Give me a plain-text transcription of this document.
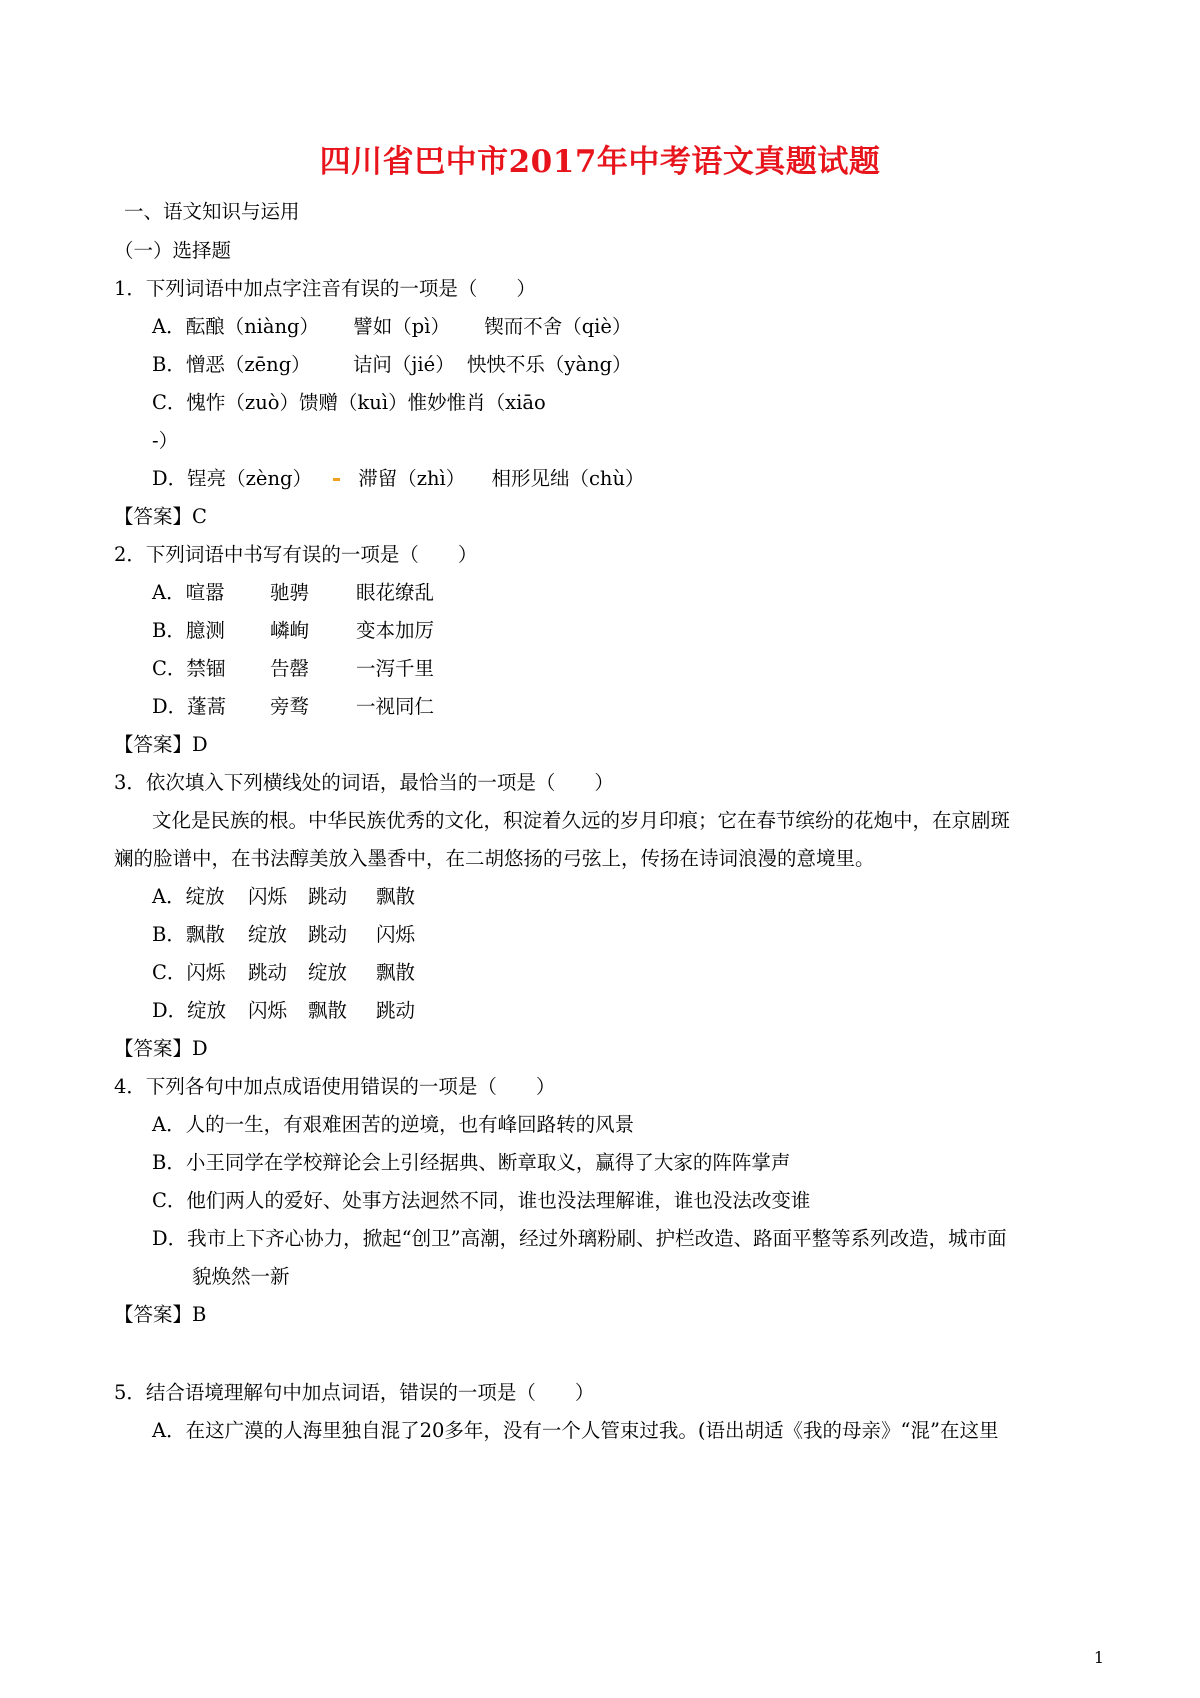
四川省巴中市2017年中考语文真题试题
一、语文知识与运用
（一）选择题
1．下列词语中加点字注音有误的一项是（　　）
A．酝酿（niàng） 譬如（pì） 锲而不舍（qiè）
B．憎恶（zēng） 诘问（jié） 怏怏不乐（yàng）
C．愧怍（zuò）馈赠（kuì）惟妙惟肖（xiāo
-）
D．锃亮（zèng） 滞留（zhì） 相形见绌（chù）
【答案】C
2．下列词语中书写有误的一项是（　　）
A．喧嚣 驰骋 眼花缭乱
B．臆测 嶙峋 变本加厉
C．禁锢 告罄 一泻千里
D．蓬蒿 旁骛 一视同仁
【答案】D
3．依次填入下列横线处的词语，最恰当的一项是（　　）
文化是民族的根。中华民族优秀的文化，积淀着久远的岁月印痕；它在春节缤纷的花炮中，在京剧斑
斓的脸谱中，在书法醇美放入墨香中，在二胡悠扬的弓弦上，传扬在诗词浪漫的意境里。
A．绽放 闪烁 跳动 飘散
B．飘散 绽放 跳动 闪烁
C．闪烁 跳动 绽放 飘散
D．绽放 闪烁 飘散 跳动
【答案】D
4．下列各句中加点成语使用错误的一项是（　　）
A．人的一生，有艰难困苦的逆境，也有峰回路转的风景
B．小王同学在学校辩论会上引经据典、断章取义，赢得了大家的阵阵掌声
C．他们两人的爱好、处事方法迥然不同，谁也没法理解谁，谁也没法改变谁
D．我市上下齐心协力，掀起“创卫”高潮，经过外璃粉刷、护栏改造、路面平整等系列改造，城市面
貌焕然一新
【答案】B
5．结合语境理解句中加点词语，错误的一项是（　　）
A．在这广漠的人海里独自混了20多年，没有一个人管束过我。(语出胡适《我的母亲》“混”在这里
1
